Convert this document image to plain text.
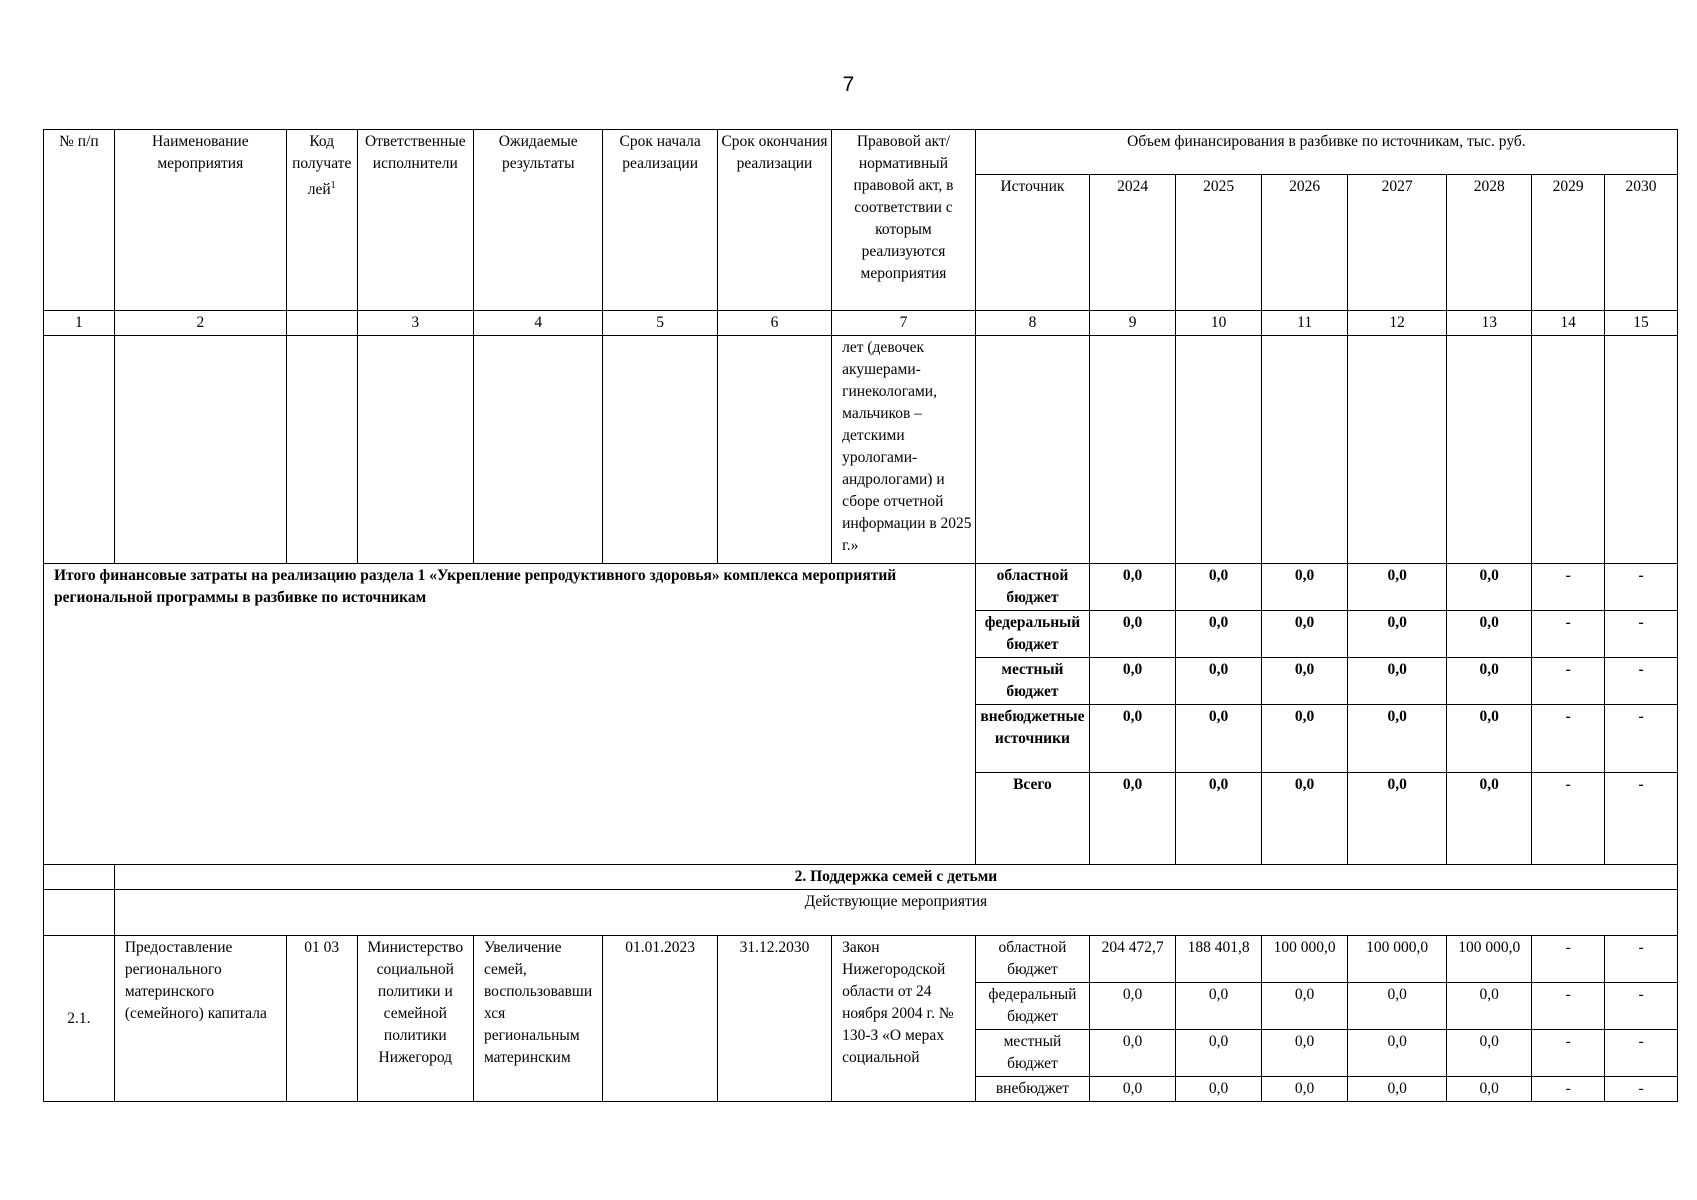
7
№ п/п	Наименование мероприятия	Код получателей$^1$	Ответственные исполнители	Ожидаемые результаты	Срок начала реализации	Срок окончания реализации	Правовой акт/нормативный правовой акт, в соответствии с которым реализуются мероприятия	Объем финансирования в разбивке по источникам, тыс. руб.							
								Источник	2024	2025	2026	2027	2028	2029	2030
1	2		3	4	5	6	7	8	9	10	11	12	13	14	15
							лет (девочек акушерами-гинекологами, мальчиков – детскими урологами-андрологами) и сборе отчетной информации в 2025 г.»								
Итого финансовые затраты на реализацию раздела 1 «Укрепление репродуктивного здоровья» комплекса мероприятий региональной программы в разбивке по источникам								областной бюджет	0,0	0,0	0,0	0,0	0,0	-	-
								федеральный бюджет	0,0	0,0	0,0	0,0	0,0	-	-
								местный бюджет	0,0	0,0	0,0	0,0	0,0	-	-
								внебюджетные источники	0,0	0,0	0,0	0,0	0,0	-	-
								Всего	0,0	0,0	0,0	0,0	0,0	-	-
	2. Поддержка семей с детьми														
	Действующие мероприятия														
2.1.	Предоставление регионального материнского (семейного) капитала	01 03	Министерство социальной политики и семейной политики Нижегород	Увеличение семей, воспользовавшихся региональным материнским	01.01.2023	31.12.2030	Закон Нижегородской области от 24 ноября 2004 г. № 130-З «О мерах социальной	областной бюджет	204 472,7	188 401,8	100 000,0	100 000,0	100 000,0	-	-
								федеральный бюджет	0,0	0,0	0,0	0,0	0,0	-	-
								местный бюджет	0,0	0,0	0,0	0,0	0,0	-	-
								внебюджет	0,0	0,0	0,0	0,0	0,0	-	-
